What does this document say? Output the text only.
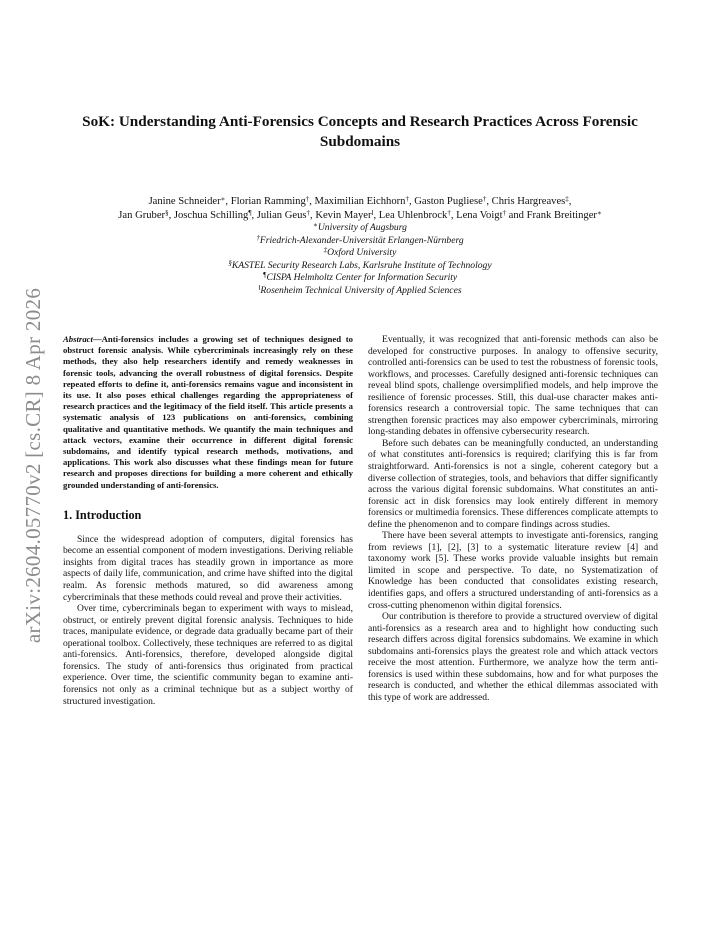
arXiv:2604.05770v2 [cs.CR] 8 Apr 2026
SoK: Understanding Anti-Forensics Concepts and Research Practices Across Forensic Subdomains
Janine Schneider∗, Florian Ramming†, Maximilian Eichhorn†, Gaston Pugliese†, Chris Hargreaves‡,
Jan Gruber§, Joschua Schilling¶, Julian Geus†, Kevin Mayer‖, Lea Uhlenbrock†, Lena Voigt† and Frank Breitinger∗
∗University of Augsburg
†Friedrich-Alexander-Universität Erlangen-Nürnberg
‡Oxford University
§KASTEL Security Research Labs, Karlsruhe Institute of Technology
¶CISPA Helmholtz Center for Information Security
‖Rosenheim Technical University of Applied Sciences

Abstract—Anti-forensics includes a growing set of techniques designed to obstruct forensic analysis. While cybercriminals increasingly rely on these methods, they also help researchers identify and remedy weaknesses in forensic tools, advancing the overall robustness of digital forensics. Despite repeated efforts to define it, anti-forensics remains vague and inconsistent in its use. It also poses ethical challenges regarding the appropriateness of research practices and the legitimacy of the field itself. This article presents a systematic analysis of 123 publications on anti-forensics, combining qualitative and quantitative methods. We quantify the main techniques and attack vectors, examine their occurrence in different digital forensic subdomains, and identify typical research methods, motivations, and applications. This work also discusses what these findings mean for future research and proposes directions for building a more coherent and ethically grounded understanding of anti-forensics.

1. Introduction

Since the widespread adoption of computers, digital forensics has become an essential component of modern investigations. Deriving reliable insights from digital traces has steadily grown in importance as more aspects of daily life, communication, and crime have shifted into the digital realm. As forensic methods matured, so did awareness among cybercriminals that these methods could reveal and prove their activities.

Over time, cybercriminals began to experiment with ways to mislead, obstruct, or entirely prevent digital forensic analysis. Techniques to hide traces, manipulate evidence, or degrade data gradually became part of their operational toolbox. Collectively, these techniques are referred to as digital anti-forensics. Anti-forensics, therefore, developed alongside digital forensics. The study of anti-forensics thus originated from practical experience. Over time, the scientific community began to examine anti-forensics not only as a criminal technique but as a subject worthy of structured investigation.

Eventually, it was recognized that anti-forensic methods can also be developed for constructive purposes. In analogy to offensive security, controlled anti-forensics can be used to test the robustness of forensic tools, workflows, and processes. Carefully designed anti-forensic techniques can reveal blind spots, challenge oversimplified models, and help improve the resilience of forensic processes. Still, this dual-use character makes anti-forensics research a controversial topic. The same techniques that can strengthen forensic practices may also empower cybercriminals, mirroring long-standing debates in offensive cybersecurity research.

Before such debates can be meaningfully conducted, an understanding of what constitutes anti-forensics is required; clarifying this is far from straightforward. Anti-forensics is not a single, coherent category but a diverse collection of strategies, tools, and behaviors that differ significantly across the various digital forensic subdomains. What constitutes an anti-forensic act in disk forensics may look entirely different in memory forensics or multimedia forensics. These differences complicate attempts to define the phenomenon and to compare findings across studies.

There have been several attempts to investigate anti-forensics, ranging from reviews [1], [2], [3] to a systematic literature review [4] and taxonomy work [5]. These works provide valuable insights but remain limited in scope and perspective. To date, no Systematization of Knowledge has been conducted that consolidates existing research, identifies gaps, and offers a structured understanding of anti-forensics as a cross-cutting phenomenon within digital forensics.

Our contribution is therefore to provide a structured overview of digital anti-forensics as a research area and to highlight how conducting such research differs across digital forensics subdomains. We examine in which subdomains anti-forensics plays the greatest role and which attack vectors receive the most attention. Furthermore, we analyze how the term anti-forensics is used within these subdomains, how and for what purposes the research is conducted, and whether the ethical dilemmas associated with this type of work are addressed.
